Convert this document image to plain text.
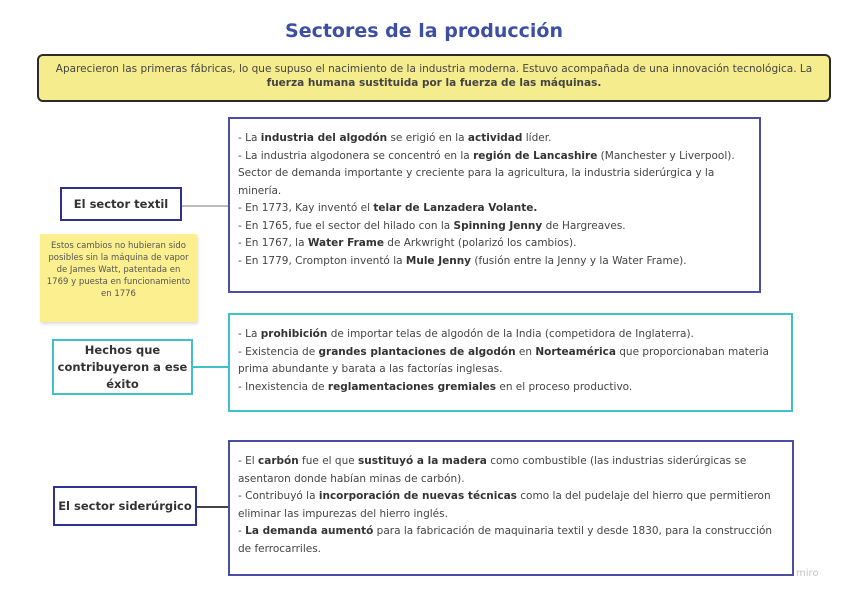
Sectores de la producción
Aparecieron las primeras fábricas, lo que supuso el nacimiento de la industria moderna. Estuvo acompañada de una innovación tecnológica. La fuerza humana sustituida por la fuerza de las máquinas.
El sector textil
- La industria del algodón se erigió en la actividad líder.
- La industria algodonera se concentró en la región de Lancashire (Manchester y Liverpool). Sector de demanda importante y creciente para la agricultura, la industria siderúrgica y la minería.
- En 1773, Kay inventó el telar de Lanzadera Volante.
- En 1765, fue el sector del hilado con la Spinning Jenny de Hargreaves.
- En 1767, la Water Frame de Arkwright (polarizó los cambios).
- En 1779, Crompton inventó la Mule Jenny (fusión entre la Jenny y la Water Frame).
Estos cambios no hubieran sido posibles sin la máquina de vapor de James Watt, patentada en 1769 y puesta en funcionamiento en 1776
Hechos que contribuyeron a ese éxito
- La prohibición de importar telas de algodón de la India (competidora de Inglaterra).
- Existencia de grandes plantaciones de algodón en Norteamérica que proporcionaban materia prima abundante y barata a las factorías inglesas.
- Inexistencia de reglamentaciones gremiales en el proceso productivo.
El sector siderúrgico
- El carbón fue el que sustituyó a la madera como combustible (las industrias siderúrgicas se asentaron donde habían minas de carbón).
- Contribuyó la incorporación de nuevas técnicas como la del pudelaje del hierro que permitieron eliminar las impurezas del hierro inglés.
- La demanda aumentó para la fabricación de maquinaria textil y desde 1830, para la construcción de ferrocarriles.
miro
